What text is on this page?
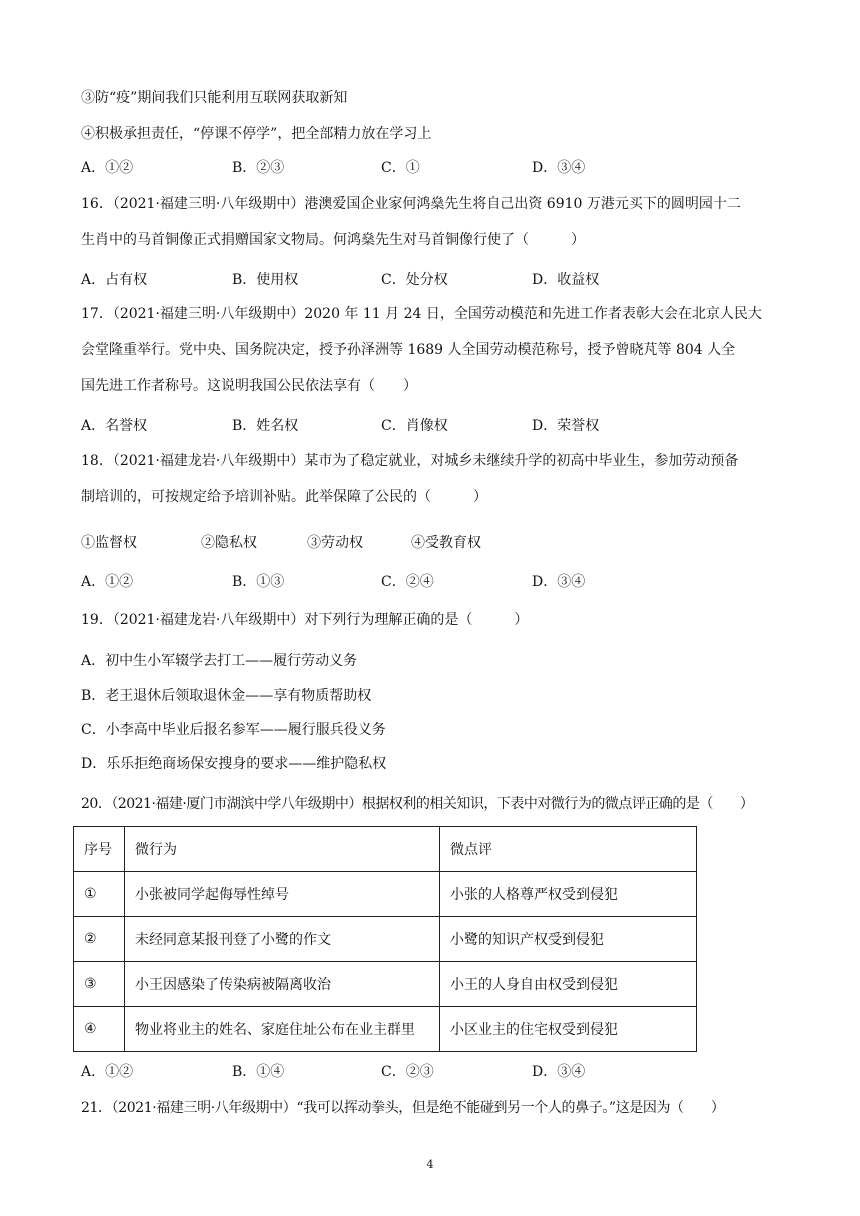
③防“疫”期间我们只能利用互联网获取新知
④积极承担责任，“停课不停学”，把全部精力放在学习上
A．①②	B．②③	C．①	D．③④
16．（2021·福建三明·八年级期中）港澳爱国企业家何鸿燊先生将自己出资 6910 万港元买下的圆明园十二
生肖中的马首铜像正式捐赠国家文物局。何鸿燊先生对马首铜像行使了（　　　）
A．占有权	B．使用权	C．处分权	D．收益权
17．（2021·福建三明·八年级期中）2020 年 11 月 24 日，全国劳动模范和先进工作者表彰大会在北京人民大
会堂隆重举行。党中央、国务院决定，授予孙泽洲等 1689 人全国劳动模范称号，授予曾晓芃等 804 人全
国先进工作者称号。这说明我国公民依法享有（　　）
A．名誉权	B．姓名权	C．肖像权	D．荣誉权
18．（2021·福建龙岩·八年级期中）某市为了稳定就业，对城乡未继续升学的初高中毕业生，参加劳动预备
制培训的，可按规定给予培训补贴。此举保障了公民的（　　　）
①监督权	②隐私权	③劳动权	④受教育权
A．①②	B．①③	C．②④	D．③④
19．（2021·福建龙岩·八年级期中）对下列行为理解正确的是（　　　）
A．初中生小军辍学去打工——履行劳动义务
B．老王退休后领取退休金——享有物质帮助权
C．小李高中毕业后报名参军——履行服兵役义务
D．乐乐拒绝商场保安搜身的要求——维护隐私权
20．（2021·福建·厦门市湖滨中学八年级期中）根据权利的相关知识，下表中对微行为的微点评正确的是（　　）
序号	微行为	微点评
①	小张被同学起侮辱性绰号	小张的人格尊严权受到侵犯
②	未经同意某报刊登了小鹭的作文	小鹭的知识产权受到侵犯
③	小王因感染了传染病被隔离收治	小王的人身自由权受到侵犯
④	物业将业主的姓名、家庭住址公布在业主群里	小区业主的住宅权受到侵犯
A．①②	B．①④	C．②③	D．③④
21．（2021·福建三明·八年级期中）“我可以挥动拳头，但是绝不能碰到另一个人的鼻子。”这是因为（　　）
4
